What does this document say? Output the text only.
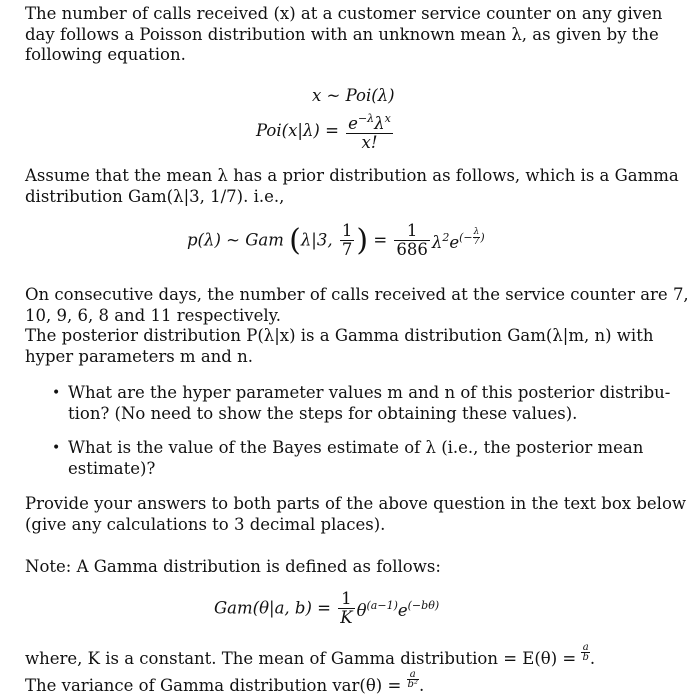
The number of calls received (x) at a customer service counter on any given
day follows a Poisson distribution with an unknown mean λ, as given by the
following equation.

x ~ Poi(λ)
$Poi(x|\lambda) = \frac{e^{-\lambda}\lambda^x}{x!}$

Assume that the mean λ has a prior distribution as follows, which is a Gamma
distribution Gam(λ|3, 1/7). i.e.,

p(λ) ~ Gam (λ|3, $\frac{1}{7}$ ) = $\frac{1}{686} \lambda^2e^{(-} \frac{\lambda}{7} ^)$

On consecutive days, the number of calls received at the service counter are 7,
10, 9, 6, 8 and 11 respectively.
The posterior distribution P(λ|x) is a Gamma distribution Gam(λ|m, n) with
hyper parameters m and n.

• What are the hyper parameter values m and n of this posterior distribu-
tion? (No need to show the steps for obtaining these values).

• What is the value of the Bayes estimate of λ (i.e., the posterior mean
estimate)?

Provide your answers to both parts of the above question in the text box below
(give any calculations to 3 decimal places).

Note: A Gamma distribution is defined as follows:

Gam(θ|a, $b) = \frac{1}{K} \theta^{(a-1)}e^{(-b\theta)}$

where, K is a constant. The mean of Gamma distribution = $E(\theta) = \frac{a}{b}$ .
The variance of Gamma distribution $var(\theta) = \frac{a}{\text{b²}}$ .
